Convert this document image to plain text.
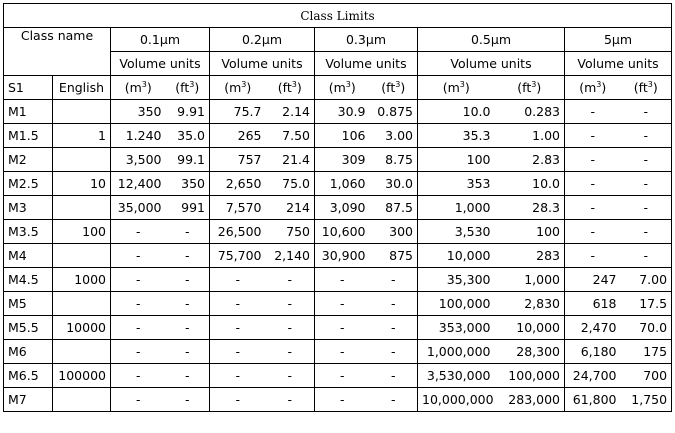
Class Limits											
Class name		0.1μm		0.2μm		0.3μm		0.5μm		5μm	
		Volume units		Volume units		Volume units		Volume units		Volume units	
S1	English	$(m^3)$	$(ft^3)$	$(m^3)$	$(ft^3)$	$(m^3)$	$(ft^3)$	$(m^3)$	$(ft^3)$	$(m^3)$	$(ft^3)$
M1		350	9.91	75.7	2.14	30.9	0.875	10.0	0.283	-	-
M1.5	1	1.240	35.0	265	7.50	106	3.00	35.3	1.00	-	-
M2		3,500	99.1	757	21.4	309	8.75	100	2.83	-	-
M2.5	10	12,400	350	2,650	75.0	1,060	30.0	353	10.0	-	-
M3		35,000	991	7,570	214	3,090	87.5	1,000	28.3	-	-
M3.5	100	-	-	26,500	750	10,600	300	3,530	100	-	-
M4		-	-	75,700	2,140	30,900	875	10,000	283	-	-
M4.5	1000	-	-	-	-	-	-	35,300	1,000	247	7.00
M5		-	-	-	-	-	-	100,000	2,830	618	17.5
M5.5	10000	-	-	-	-	-	-	353,000	10,000	2,470	70.0
M6		-	-	-	-	-	-	1,000,000	28,300	6,180	175
M6.5	100000	-	-	-	-	-	-	3,530,000	100,000	24,700	700
M7		-	-	-	-	-	-	10,000,000	283,000	61,800	1,750
